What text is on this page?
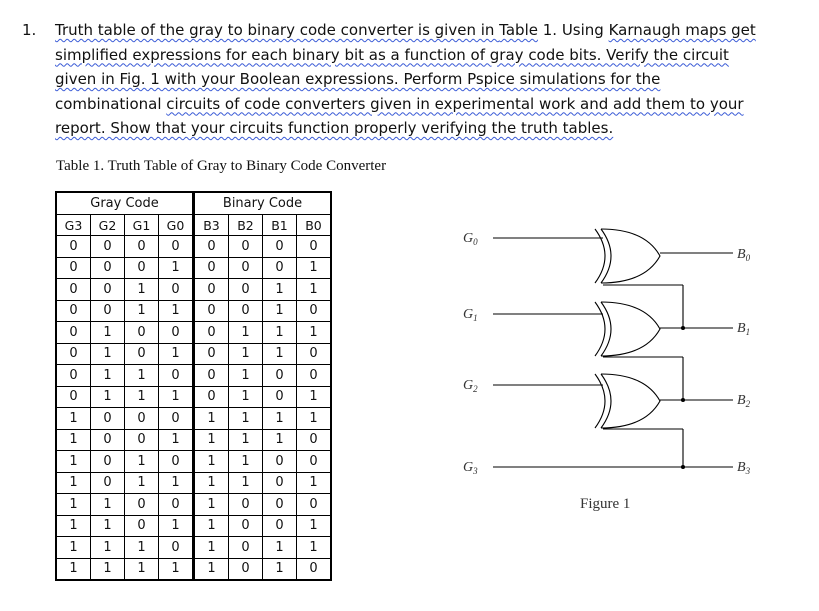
1. Truth table of the gray to binary code converter is given in Table 1. Using Karnaugh maps get
simplified expressions for each binary bit as a function of gray code bits. Verify the circuit
given in Fig. 1 with your Boolean expressions. Perform Pspice simulations for the
combinational circuits of code converters given in experimental work and add them to your
report. Show that your circuits function properly verifying the truth tables.
Table 1. Truth Table of Gray to Binary Code Converter
Gray Code				Binary Code			
G3	G2	G1	G0	B3	B2	B1	B0
0	0	0	0	0	0	0	0
0	0	0	1	0	0	0	1
0	0	1	0	0	0	1	1
0	0	1	1	0	0	1	0
0	1	0	0	0	1	1	1
0	1	0	1	0	1	1	0
0	1	1	0	0	1	0	0
0	1	1	1	0	1	0	1
1	0	0	0	1	1	1	1
1	0	0	1	1	1	1	0
1	0	1	0	1	1	0	0
1	0	1	1	1	1	0	1
1	1	0	0	1	0	0	0
1	1	0	1	1	0	0	1
1	1	1	0	1	0	1	1
1	1	1	1	1	0	1	0
$G_0$
$G_1$
$G_2$
$G_3$
$B_0$
$B_1$
$B_2$
$B_3$
Figure 1
